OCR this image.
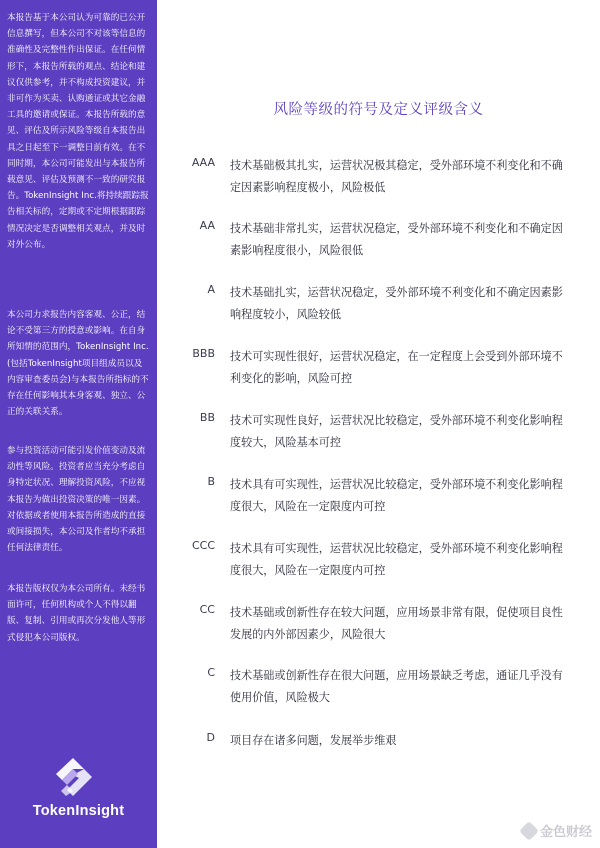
本报告基于本公司认为可靠的已公开信息撰写，但本公司不对该等信息的准确性及完整性作出保证。在任何情形下，本报告所载的观点、结论和建议仅供参考，并不构成投资建议，并非可作为买卖、认购通证或其它金融工具的邀请或保证。本报告所载的意见、评估及所示风险等级自本报告出具之日起至下一调整日前有效。在不同时期，本公司可能发出与本报告所载意见、评估及预测不一致的研究报告。TokenInsight Inc.将持续跟踪报告相关标的，定期或不定期根据跟踪情况决定是否调整相关观点，并及时对外公布。

本公司力求报告内容客观、公正，结论不受第三方的授意或影响。在自身所知情的范围内，TokenInsight Inc.(包括TokenInsight项目组成员以及内容审查委员会)与本报告所指标的不存在任何影响其本身客观、独立、公正的关联关系。

参与投资活动可能引发价值变动及流动性等风险。投资者应当充分考虑自身特定状况、理解投资风险，不应视本报告为做出投资决策的唯一因素。对依据或者使用本报告所造成的直接或间接损失，本公司及作者均不承担任何法律责任。

本报告版权仅为本公司所有。未经书面许可，任何机构或个人不得以翻版、复制、引用或再次分发他人等形式侵犯本公司版权。

TokenInsight
风险等级的符号及定义评级含义
AAA 技术基础极其扎实，运营状况极其稳定，受外部环境不利变化和不确定因素影响程度极小，风险极低
AA 技术基础非常扎实，运营状况稳定，受外部环境不利变化和不确定因素影响程度很小，风险很低
A 技术基础扎实，运营状况稳定，受外部环境不利变化和不确定因素影响程度较小，风险较低
BBB 技术可实现性很好，运营状况稳定，在一定程度上会受到外部环境不利变化的影响，风险可控
BB 技术可实现性良好，运营状况比较稳定，受外部环境不利变化影响程度较大，风险基本可控
B 技术具有可实现性，运营状况比较稳定，受外部环境不利变化影响程度很大，风险在一定限度内可控
CCC 技术具有可实现性，运营状况比较稳定，受外部环境不利变化影响程度很大，风险在一定限度内可控
CC 技术基础或创新性存在较大问题，应用场景非常有限，促使项目良性发展的内外部因素少，风险很大
C 技术基础或创新性存在很大问题，应用场景缺乏考虑，通证几乎没有使用价值，风险极大
D 项目存在诸多问题，发展举步维艰
金色财经
